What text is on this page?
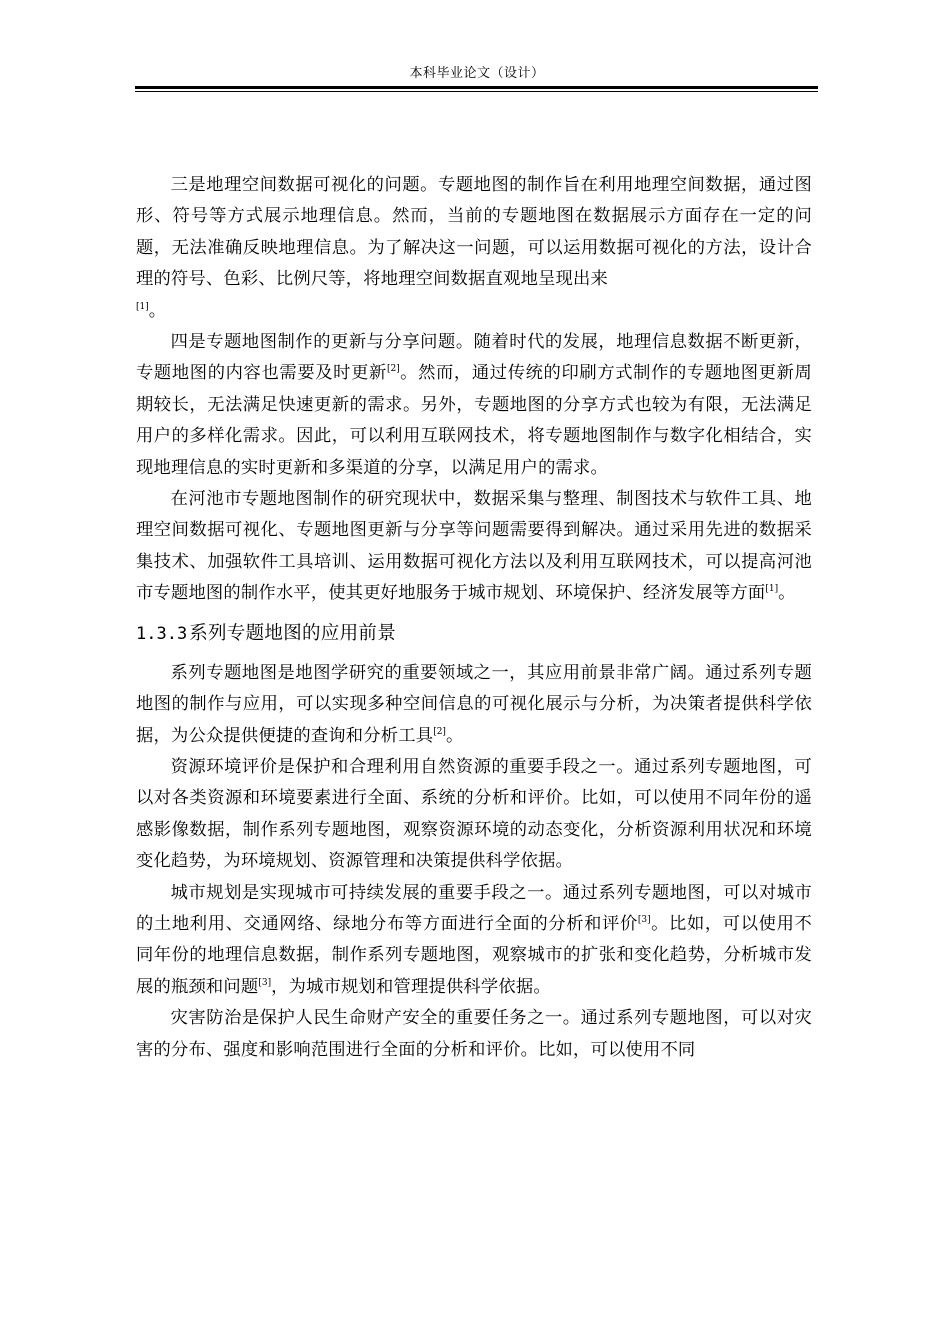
本科毕业论文（设计）

三是地理空间数据可视化的问题。专题地图的制作旨在利用地理空间数据，通过图形、符号等方式展示地理信息。然而，当前的专题地图在数据展示方面存在一定的问题，无法准确反映地理信息。为了解决这一问题，可以运用数据可视化的方法，设计合理的符号、色彩、比例尺等，将地理空间数据直观地呈现出来
[1]。

四是专题地图制作的更新与分享问题。随着时代的发展，地理信息数据不断更新，专题地图的内容也需要及时更新[2]。然而，通过传统的印刷方式制作的专题地图更新周期较长，无法满足快速更新的需求。另外，专题地图的分享方式也较为有限，无法满足用户的多样化需求。因此，可以利用互联网技术，将专题地图制作与数字化相结合，实现地理信息的实时更新和多渠道的分享，以满足用户的需求。

在河池市专题地图制作的研究现状中，数据采集与整理、制图技术与软件工具、地理空间数据可视化、专题地图更新与分享等问题需要得到解决。通过采用先进的数据采集技术、加强软件工具培训、运用数据可视化方法以及利用互联网技术，可以提高河池市专题地图的制作水平，使其更好地服务于城市规划、环境保护、经济发展等方面[1]。

1.3.3 系列专题地图的应用前景

系列专题地图是地图学研究的重要领域之一，其应用前景非常广阔。通过系列专题地图的制作与应用，可以实现多种空间信息的可视化展示与分析，为决策者提供科学依据，为公众提供便捷的查询和分析工具[2]。

资源环境评价是保护和合理利用自然资源的重要手段之一。通过系列专题地图，可以对各类资源和环境要素进行全面、系统的分析和评价。比如，可以使用不同年份的遥感影像数据，制作系列专题地图，观察资源环境的动态变化，分析资源利用状况和环境变化趋势，为环境规划、资源管理和决策提供科学依据。

城市规划是实现城市可持续发展的重要手段之一。通过系列专题地图，可以对城市的土地利用、交通网络、绿地分布等方面进行全面的分析和评价[3]。比如，可以使用不同年份的地理信息数据，制作系列专题地图，观察城市的扩张和变化趋势，分析城市发展的瓶颈和问题[3]，为城市规划和管理提供科学依据。

灾害防治是保护人民生命财产安全的重要任务之一。通过系列专题地图，可以对灾害的分布、强度和影响范围进行全面的分析和评价。比如，可以使用不同
